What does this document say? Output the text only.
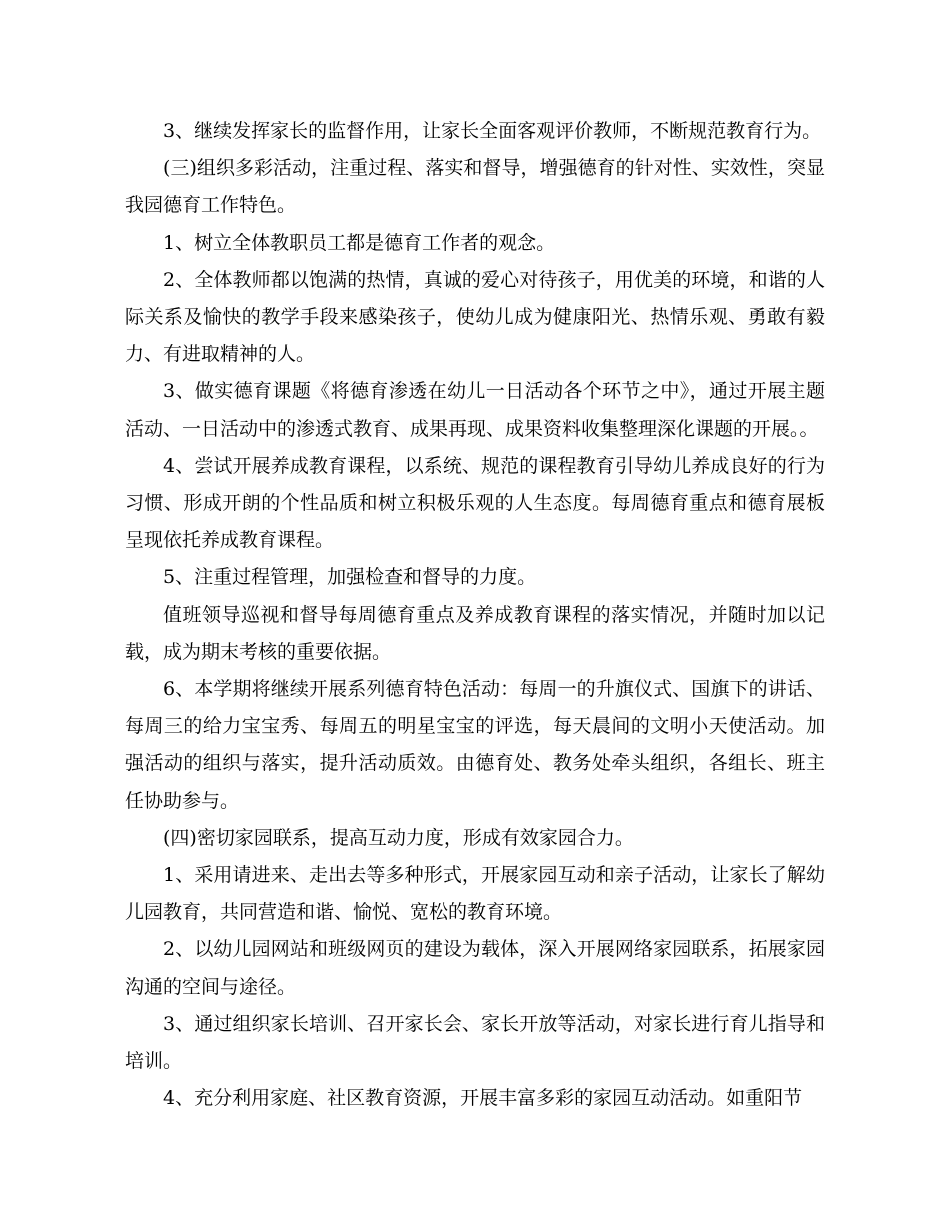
3、继续发挥家长的监督作用，让家长全面客观评价教师，不断规范教育行为。

(三)组织多彩活动，注重过程、落实和督导，增强德育的针对性、实效性，突显我园德育工作特色。

1、树立全体教职员工都是德育工作者的观念。

2、全体教师都以饱满的热情，真诚的爱心对待孩子，用优美的环境，和谐的人际关系及愉快的教学手段来感染孩子，使幼儿成为健康阳光、热情乐观、勇敢有毅力、有进取精神的人。

3、做实德育课题《将德育渗透在幼儿一日活动各个环节之中》，通过开展主题活动、一日活动中的渗透式教育、成果再现、成果资料收集整理深化课题的开展。。

4、尝试开展养成教育课程，以系统、规范的课程教育引导幼儿养成良好的行为习惯、形成开朗的个性品质和树立积极乐观的人生态度。每周德育重点和德育展板呈现依托养成教育课程。

5、注重过程管理，加强检查和督导的力度。

值班领导巡视和督导每周德育重点及养成教育课程的落实情况，并随时加以记载，成为期末考核的重要依据。

6、本学期将继续开展系列德育特色活动：每周一的升旗仪式、国旗下的讲话、每周三的给力宝宝秀、每周五的明星宝宝的评选，每天晨间的文明小天使活动。加强活动的组织与落实，提升活动质效。由德育处、教务处牵头组织，各组长、班主任协助参与。

(四)密切家园联系，提高互动力度，形成有效家园合力。

1、采用请进来、走出去等多种形式，开展家园互动和亲子活动，让家长了解幼儿园教育，共同营造和谐、愉悦、宽松的教育环境。

2、以幼儿园网站和班级网页的建设为载体，深入开展网络家园联系，拓展家园沟通的空间与途径。

3、通过组织家长培训、召开家长会、家长开放等活动，对家长进行育儿指导和培训。

4、充分利用家庭、社区教育资源，开展丰富多彩的家园互动活动。如重阳节
